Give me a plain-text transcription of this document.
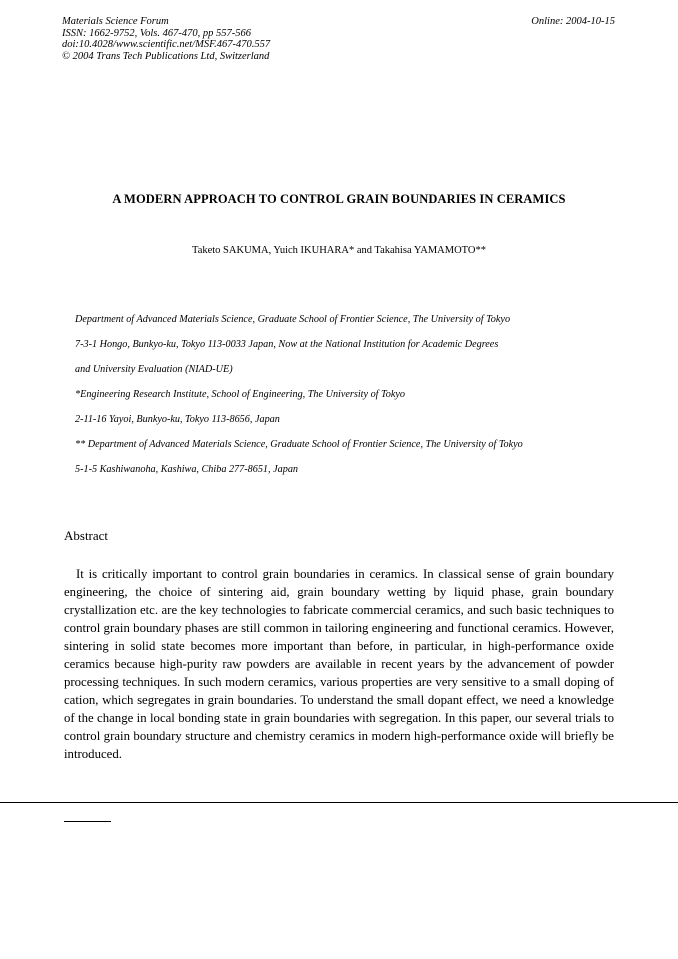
Materials Science Forum
ISSN: 1662-9752, Vols. 467-470, pp 557-566
doi:10.4028/www.scientific.net/MSF.467-470.557
© 2004 Trans Tech Publications Ltd, Switzerland
Online: 2004-10-15
A MODERN APPROACH TO CONTROL GRAIN BOUNDARIES IN CERAMICS
Taketo SAKUMA, Yuich IKUHARA* and Takahisa YAMAMOTO**
Department of Advanced Materials Science, Graduate School of Frontier Science, The University of Tokyo
7-3-1 Hongo, Bunkyo-ku, Tokyo 113-0033 Japan, Now at the National Institution for Academic Degrees
and University Evaluation (NIAD-UE)
*Engineering Research Institute, School of Engineering, The University of Tokyo
2-11-16 Yayoi, Bunkyo-ku, Tokyo 113-8656, Japan
** Department of Advanced Materials Science, Graduate School of Frontier Science, The University of Tokyo
5-1-5 Kashiwanoha, Kashiwa, Chiba 277-8651, Japan
Abstract

It is critically important to control grain boundaries in ceramics. In classical sense of grain boundary engineering, the choice of sintering aid, grain boundary wetting by liquid phase, grain boundary crystallization etc. are the key technologies to fabricate commercial ceramics, and such basic techniques to control grain boundary phases are still common in tailoring engineering and functional ceramics. However, sintering in solid state becomes more important than before, in particular, in high-performance oxide ceramics because high-purity raw powders are available in recent years by the advancement of powder processing techniques. In such modern ceramics, various properties are very sensitive to a small doping of cation, which segregates in grain boundaries. To understand the small dopant effect, we need a knowledge of the change in local bonding state in grain boundaries with segregation. In this paper, our several trials to control grain boundary structure and chemistry ceramics in modern high-performance oxide will briefly be introduced.
